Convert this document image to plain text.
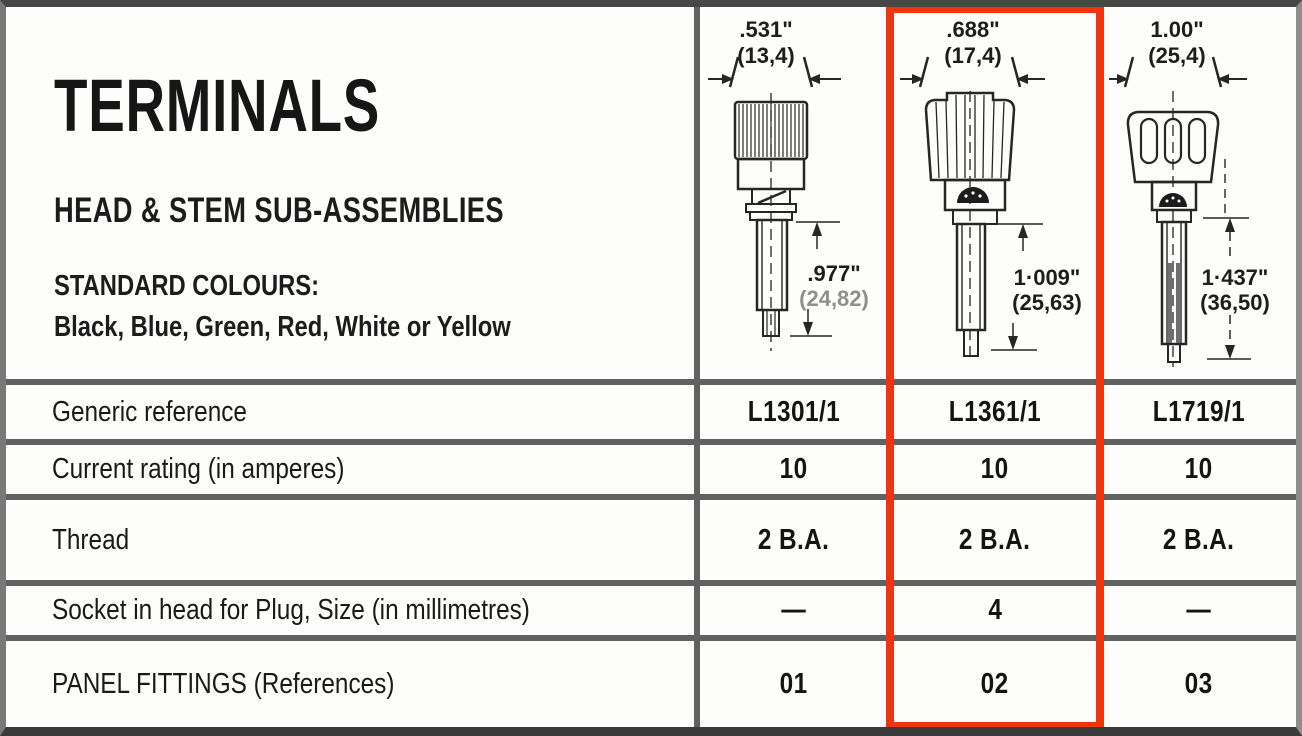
TERMINALS
HEAD & STEM SUB-ASSEMBLIES
STANDARD COLOURS:
Black, Blue, Green, Red, White or Yellow
.531"
(13,4)
.977"
(24,82)
.688"
(17,4)
1·009"
(25,63)
1.00"
(25,4)
1·437"
(36,50)
Generic reference	L1301/1	L1361/1	L1719/1
Current rating (in amperes)	10	10	10
Thread	2 B.A.	2 B.A.	2 B.A.
Socket in head for Plug, Size (in millimetres)	—	4	—
PANEL FITTINGS (References)	01	02	03
